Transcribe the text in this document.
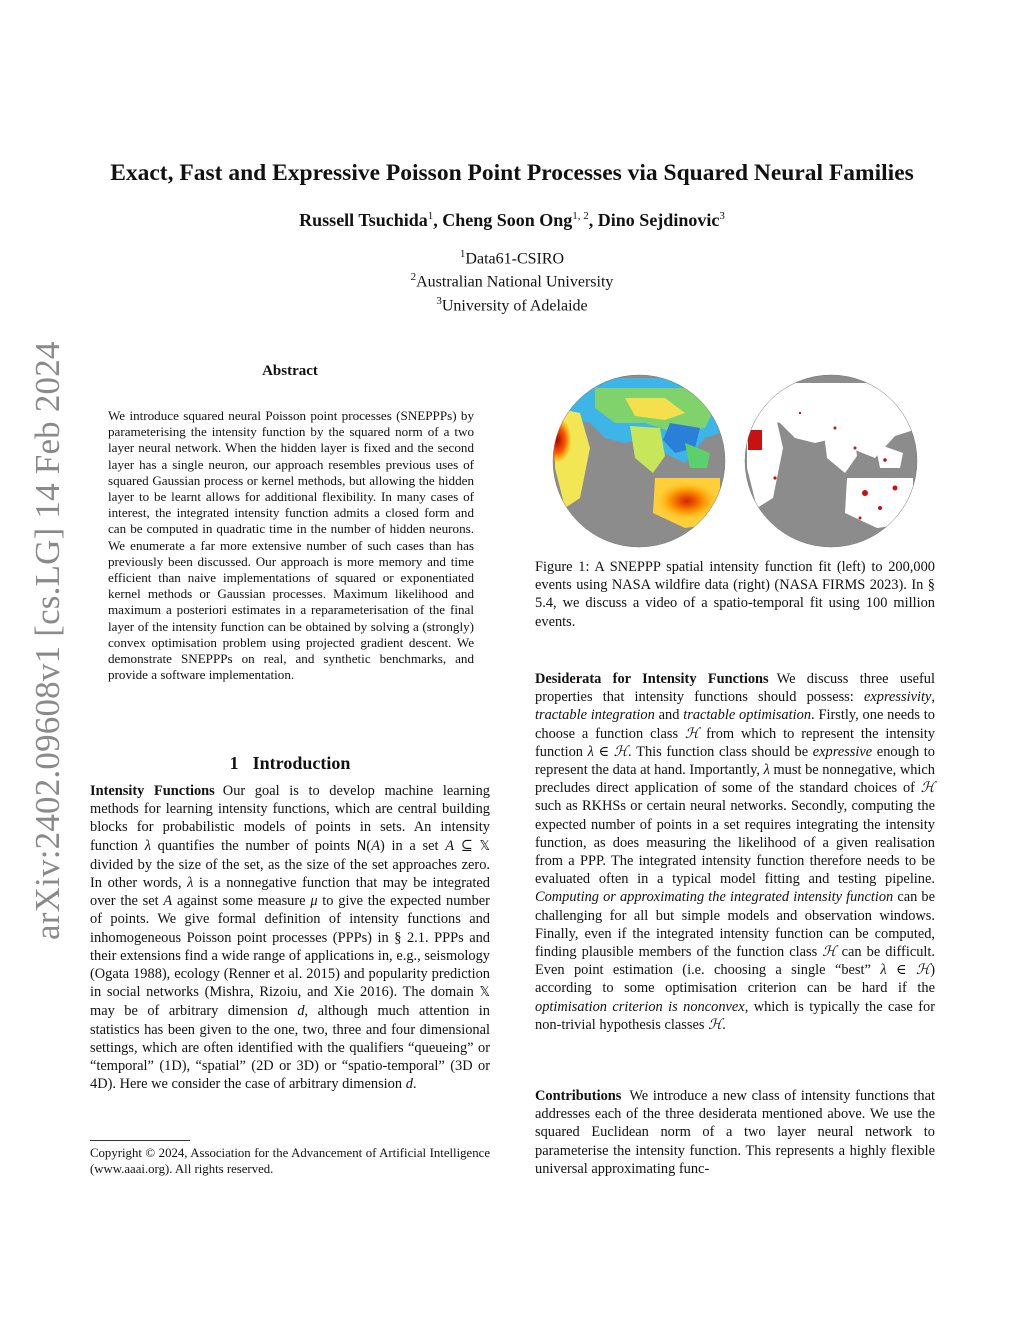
arXiv:2402.09608v1 [cs.LG] 14 Feb 2024
Exact, Fast and Expressive Poisson Point Processes via Squared Neural Families
Russell Tsuchida$^1$, Cheng Soon Ong$^{1, 2}$, Dino Sejdinovic$^3$
$^1$Data61-CSIRO
$^2$Australian National University
$^3$University of Adelaide
Abstract
We introduce squared neural Poisson point processes (SNEPPPs) by parameterising the intensity function by the squared norm of a two layer neural network. When the hidden layer is fixed and the second layer has a single neuron, our approach resembles previous uses of squared Gaussian process or kernel methods, but allowing the hidden layer to be learnt allows for additional flexibility. In many cases of interest, the integrated intensity function admits a closed form and can be computed in quadratic time in the number of hidden neurons. We enumerate a far more extensive number of such cases than has previously been discussed. Our approach is more memory and time efficient than naive implementations of squared or exponentiated kernel methods or Gaussian processes. Maximum likelihood and maximum a posteriori estimates in a reparameterisation of the final layer of the intensity function can be obtained by solving a (strongly) convex optimisation problem using projected gradient descent. We demonstrate SNEPPPs on real, and synthetic benchmarks, and provide a software implementation.
1 Introduction
Intensity Functions Our goal is to develop machine learning methods for learning intensity functions, which are central building blocks for probabilistic models of points in sets. An intensity function λ quantifies the number of points N(A) in a set A ⊆ 𝕏 divided by the size of the set, as the size of the set approaches zero. In other words, λ is a nonnegative function that may be integrated over the set A against some measure μ to give the expected number of points. We give formal definition of intensity functions and inhomogeneous Poisson point processes (PPPs) in § 2.1. PPPs and their extensions find a wide range of applications in, e.g., seismology (Ogata 1988), ecology (Renner et al. 2015) and popularity prediction in social networks (Mishra, Rizoiu, and Xie 2016). The domain 𝕏 may be of arbitrary dimension d, although much attention in statistics has been given to the one, two, three and four dimensional settings, which are often identified with the qualifiers “queueing” or “temporal” (1D), “spatial” (2D or 3D) or “spatio-temporal” (3D or 4D). Here we consider the case of arbitrary dimension d.
Copyright © 2024, Association for the Advancement of Artificial Intelligence (www.aaai.org). All rights reserved.
Figure 1: A SNEPPP spatial intensity function fit (left) to 200,000 events using NASA wildfire data (right) (NASA FIRMS 2023). In § 5.4, we discuss a video of a spatio-temporal fit using 100 million events.
Desiderata for Intensity Functions We discuss three useful properties that intensity functions should possess: expressivity, tractable integration and tractable optimisation. Firstly, one needs to choose a function class ℋ from which to represent the intensity function λ ∈ ℋ. This function class should be expressive enough to represent the data at hand. Importantly, λ must be nonnegative, which precludes direct application of some of the standard choices of ℋ such as RKHSs or certain neural networks. Secondly, computing the expected number of points in a set requires integrating the intensity function, as does measuring the likelihood of a given realisation from a PPP. The integrated intensity function therefore needs to be evaluated often in a typical model fitting and testing pipeline. Computing or approximating the integrated intensity function can be challenging for all but simple models and observation windows. Finally, even if the integrated intensity function can be computed, finding plausible members of the function class ℋ can be difficult. Even point estimation (i.e. choosing a single “best” λ ∈ ℋ) according to some optimisation criterion can be hard if the optimisation criterion is nonconvex, which is typically the case for non-trivial hypothesis classes ℋ.
Contributions We introduce a new class of intensity functions that addresses each of the three desiderata mentioned above. We use the squared Euclidean norm of a two layer neural network to parameterise the intensity function. This represents a highly flexible universal approximating func-
